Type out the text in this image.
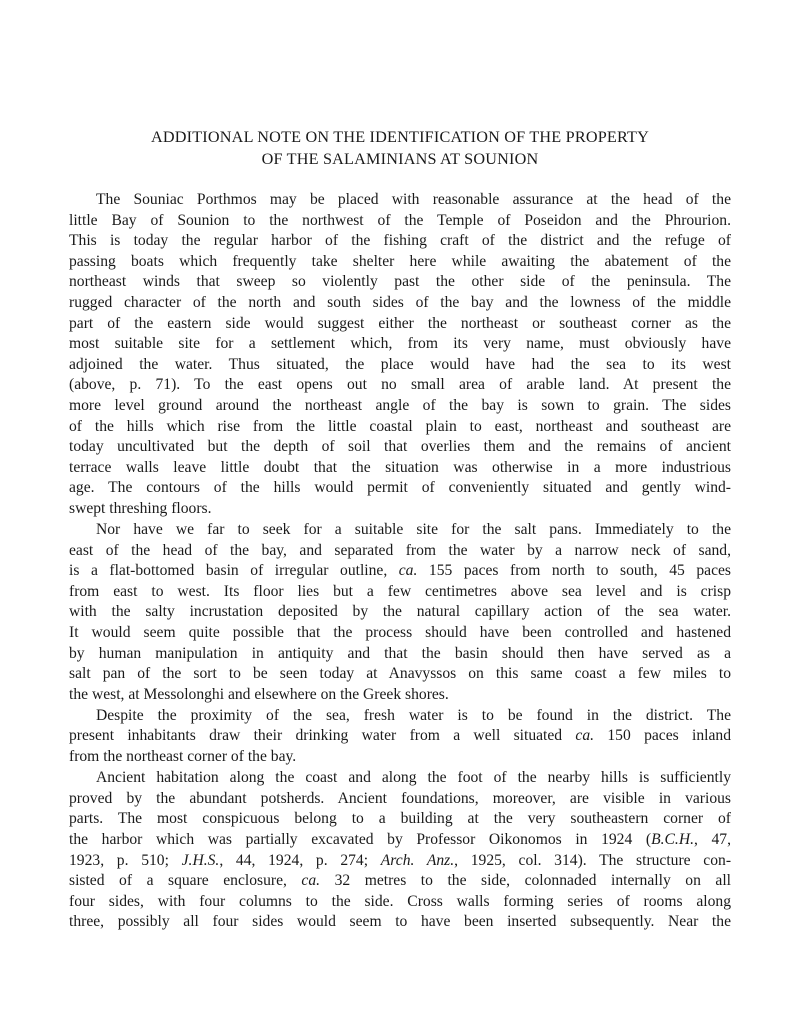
ADDITIONAL NOTE ON THE IDENTIFICATION OF THE PROPERTY
OF THE SALAMINIANS AT SOUNION

The Souniac Porthmos may be placed with reasonable assurance at the head of the
little Bay of Sounion to the northwest of the Temple of Poseidon and the Phrourion.
This is today the regular harbor of the fishing craft of the district and the refuge of
passing boats which frequently take shelter here while awaiting the abatement of the
northeast winds that sweep so violently past the other side of the peninsula. The
rugged character of the north and south sides of the bay and the lowness of the middle
part of the eastern side would suggest either the northeast or southeast corner as the
most suitable site for a settlement which, from its very name, must obviously have
adjoined the water. Thus situated, the place would have had the sea to its west
(above, p. 71). To the east opens out no small area of arable land. At present the
more level ground around the northeast angle of the bay is sown to grain. The sides
of the hills which rise from the little coastal plain to east, northeast and southeast are
today uncultivated but the depth of soil that overlies them and the remains of ancient
terrace walls leave little doubt that the situation was otherwise in a more industrious
age. The contours of the hills would permit of conveniently situated and gently wind-
swept threshing floors.

Nor have we far to seek for a suitable site for the salt pans. Immediately to the
east of the head of the bay, and separated from the water by a narrow neck of sand,
is a flat-bottomed basin of irregular outline, ca. 155 paces from north to south, 45 paces
from east to west. Its floor lies but a few centimetres above sea level and is crisp
with the salty incrustation deposited by the natural capillary action of the sea water.
It would seem quite possible that the process should have been controlled and hastened
by human manipulation in antiquity and that the basin should then have served as a
salt pan of the sort to be seen today at Anavyssos on this same coast a few miles to
the west, at Messolonghi and elsewhere on the Greek shores.

Despite the proximity of the sea, fresh water is to be found in the district. The
present inhabitants draw their drinking water from a well situated ca. 150 paces inland
from the northeast corner of the bay.

Ancient habitation along the coast and along the foot of the nearby hills is sufficiently
proved by the abundant potsherds. Ancient foundations, moreover, are visible in various
parts. The most conspicuous belong to a building at the very southeastern corner of
the harbor which was partially excavated by Professor Oikonomos in 1924 (B.C.H., 47,
1923, p. 510; J.H.S., 44, 1924, p. 274; Arch. Anz., 1925, col. 314). The structure con-
sisted of a square enclosure, ca. 32 metres to the side, colonnaded internally on all
four sides, with four columns to the side. Cross walls forming series of rooms along
three, possibly all four sides would seem to have been inserted subsequently. Near the
